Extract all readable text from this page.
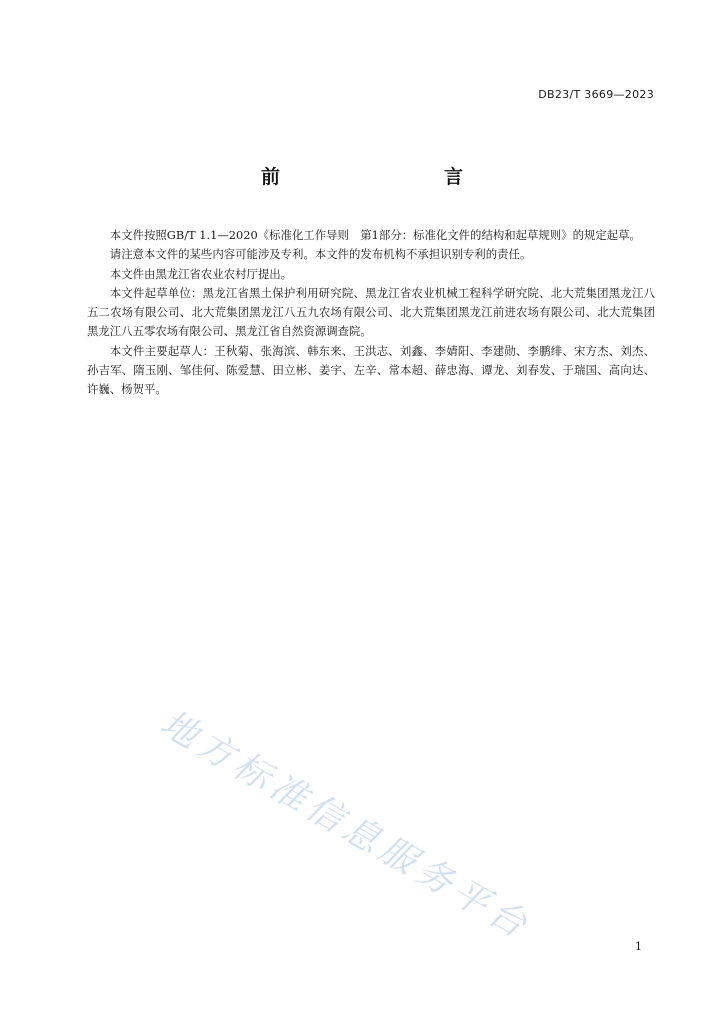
DB23/T 3669—2023
前　　言

本文件按照GB/T 1.1—2020《标准化工作导则　第1部分：标准化文件的结构和起草规则》的规定起草。

请注意本文件的某些内容可能涉及专利。本文件的发布机构不承担识别专利的责任。

本文件由黑龙江省农业农村厅提出。

本文件起草单位：黑龙江省黑土保护利用研究院、黑龙江省农业机械工程科学研究院、北大荒集团黑龙江八五二农场有限公司、北大荒集团黑龙江八五九农场有限公司、北大荒集团黑龙江前进农场有限公司、北大荒集团黑龙江八五零农场有限公司、黑龙江省自然资源调查院。

本文件主要起草人：王秋菊、张海滨、韩东来、王洪志、刘鑫、李婧阳、李建勋、李鹏绯、宋方杰、刘杰、孙吉军、隋玉刚、邹佳何、陈爱慧、田立彬、姜宇、左辛、常本超、薛忠海、谭龙、刘春发、于瑞国、高向达、许巍、杨贺平。

地方标准信息服务平台	1
